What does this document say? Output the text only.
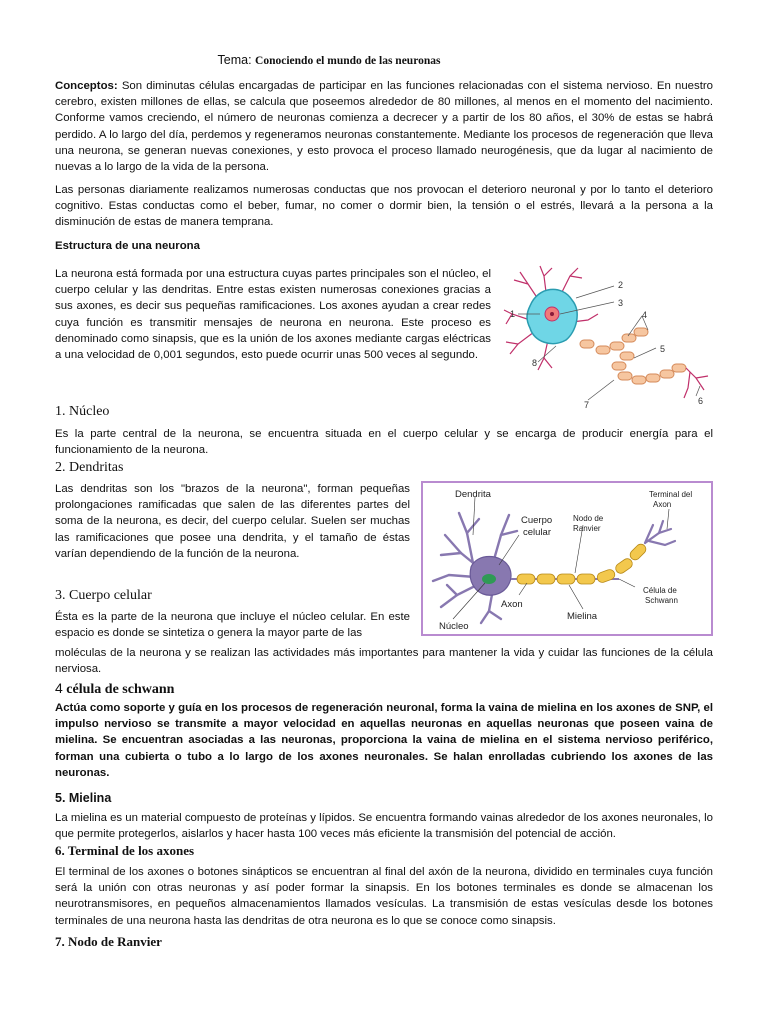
Tema: Conociendo el mundo de las neuronas

Conceptos: Son diminutas células encargadas de participar en las funciones relacionadas con el sistema nervioso. En nuestro cerebro, existen millones de ellas, se calcula que poseemos alrededor de 80 millones, al menos en el momento del nacimiento. Conforme vamos creciendo, el número de neuronas comienza a decrecer y a partir de los 80 años, el 30% de estas se habrá perdido. A lo largo del día, perdemos y regeneramos neuronas constantemente. Mediante los procesos de regeneración que lleva una neurona, se generan nuevas conexiones, y esto provoca el proceso llamado neurogénesis, que da lugar al nacimiento de nuevas a lo largo de la vida de la persona.

Las personas diariamente realizamos numerosas conductas que nos provocan el deterioro neuronal y por lo tanto el deterioro cognitivo. Estas conductas como el beber, fumar, no comer o dormir bien, la tensión o el estrés, llevará a la persona a la disminución de estas de manera temprana.

Estructura de una neurona

La neurona está formada por una estructura cuyas partes principales son el núcleo, el cuerpo celular y las dendritas. Entre estas existen numerosas conexiones gracias a sus axones, es decir sus pequeñas ramificaciones. Los axones ayudan a crear redes cuya función es transmitir mensajes de neurona en neurona. Este proceso es denominado como sinapsis, que es la unión de los axones mediante cargas eléctricas a una velocidad de 0,001 segundos, esto puede ocurrir unas 500 veces al segundo.

1. Núcleo

Es la parte central de la neurona, se encuentra situada en el cuerpo celular y se encarga de producir energía para el funcionamiento de la neurona.

2. Dendritas

Las dendritas son los "brazos de la neurona", forman pequeñas prolongaciones ramificadas que salen de las diferentes partes del soma de la neurona, es decir, del cuerpo celular. Suelen ser muchas las ramificaciones que posee una dendrita, y el tamaño de éstas varían dependiendo de la función de la neurona.

3. Cuerpo celular

Ésta es la parte de la neurona que incluye el núcleo celular. En este espacio es donde se sintetiza o genera la mayor parte de las

moléculas de la neurona y se realizan las actividades más importantes para mantener la vida y cuidar las funciones de la célula nerviosa.

4 célula de schwann

Actúa como soporte y guía en los procesos de regeneración neuronal, forma la vaina de mielina en los axones de SNP, el impulso nervioso se transmite a mayor velocidad en aquellas neuronas en aquellas neuronas que poseen vaina de mielina. Se encuentran asociadas a las neuronas, proporciona la vaina de mielina en el sistema nervioso periférico, forman una cubierta o tubo a lo largo de los axones neuronales. Se halan enrolladas cubriendo los axones de las neuronas.

5. Mielina

La mielina es un material compuesto de proteínas y lípidos. Se encuentra formando vainas alrededor de los axones neuronales, lo que permite protegerlos, aislarlos y hacer hasta 100 veces más eficiente la transmisión del potencial de acción.

6. Terminal de los axones

El terminal de los axones o botones sinápticos se encuentran al final del axón de la neurona, dividido en terminales cuya función será la unión con otras neuronas y así poder formar la sinapsis. En los botones terminales es donde se almacenan los neurotransmisores, en pequeños almacenamientos llamados vesículas. La transmisión de estas vesículas desde los botones terminales de una neurona hasta las dendritas de otra neurona es lo que se conoce como sinapsis.

7. Nodo de Ranvier
1
2
3
4
5
6
7
8
Dendrita
Cuerpo
celular
Nodo de
Ranvier
Terminal del
Axon
Axon
Mielina
Núcleo
Célula de
Schwann
